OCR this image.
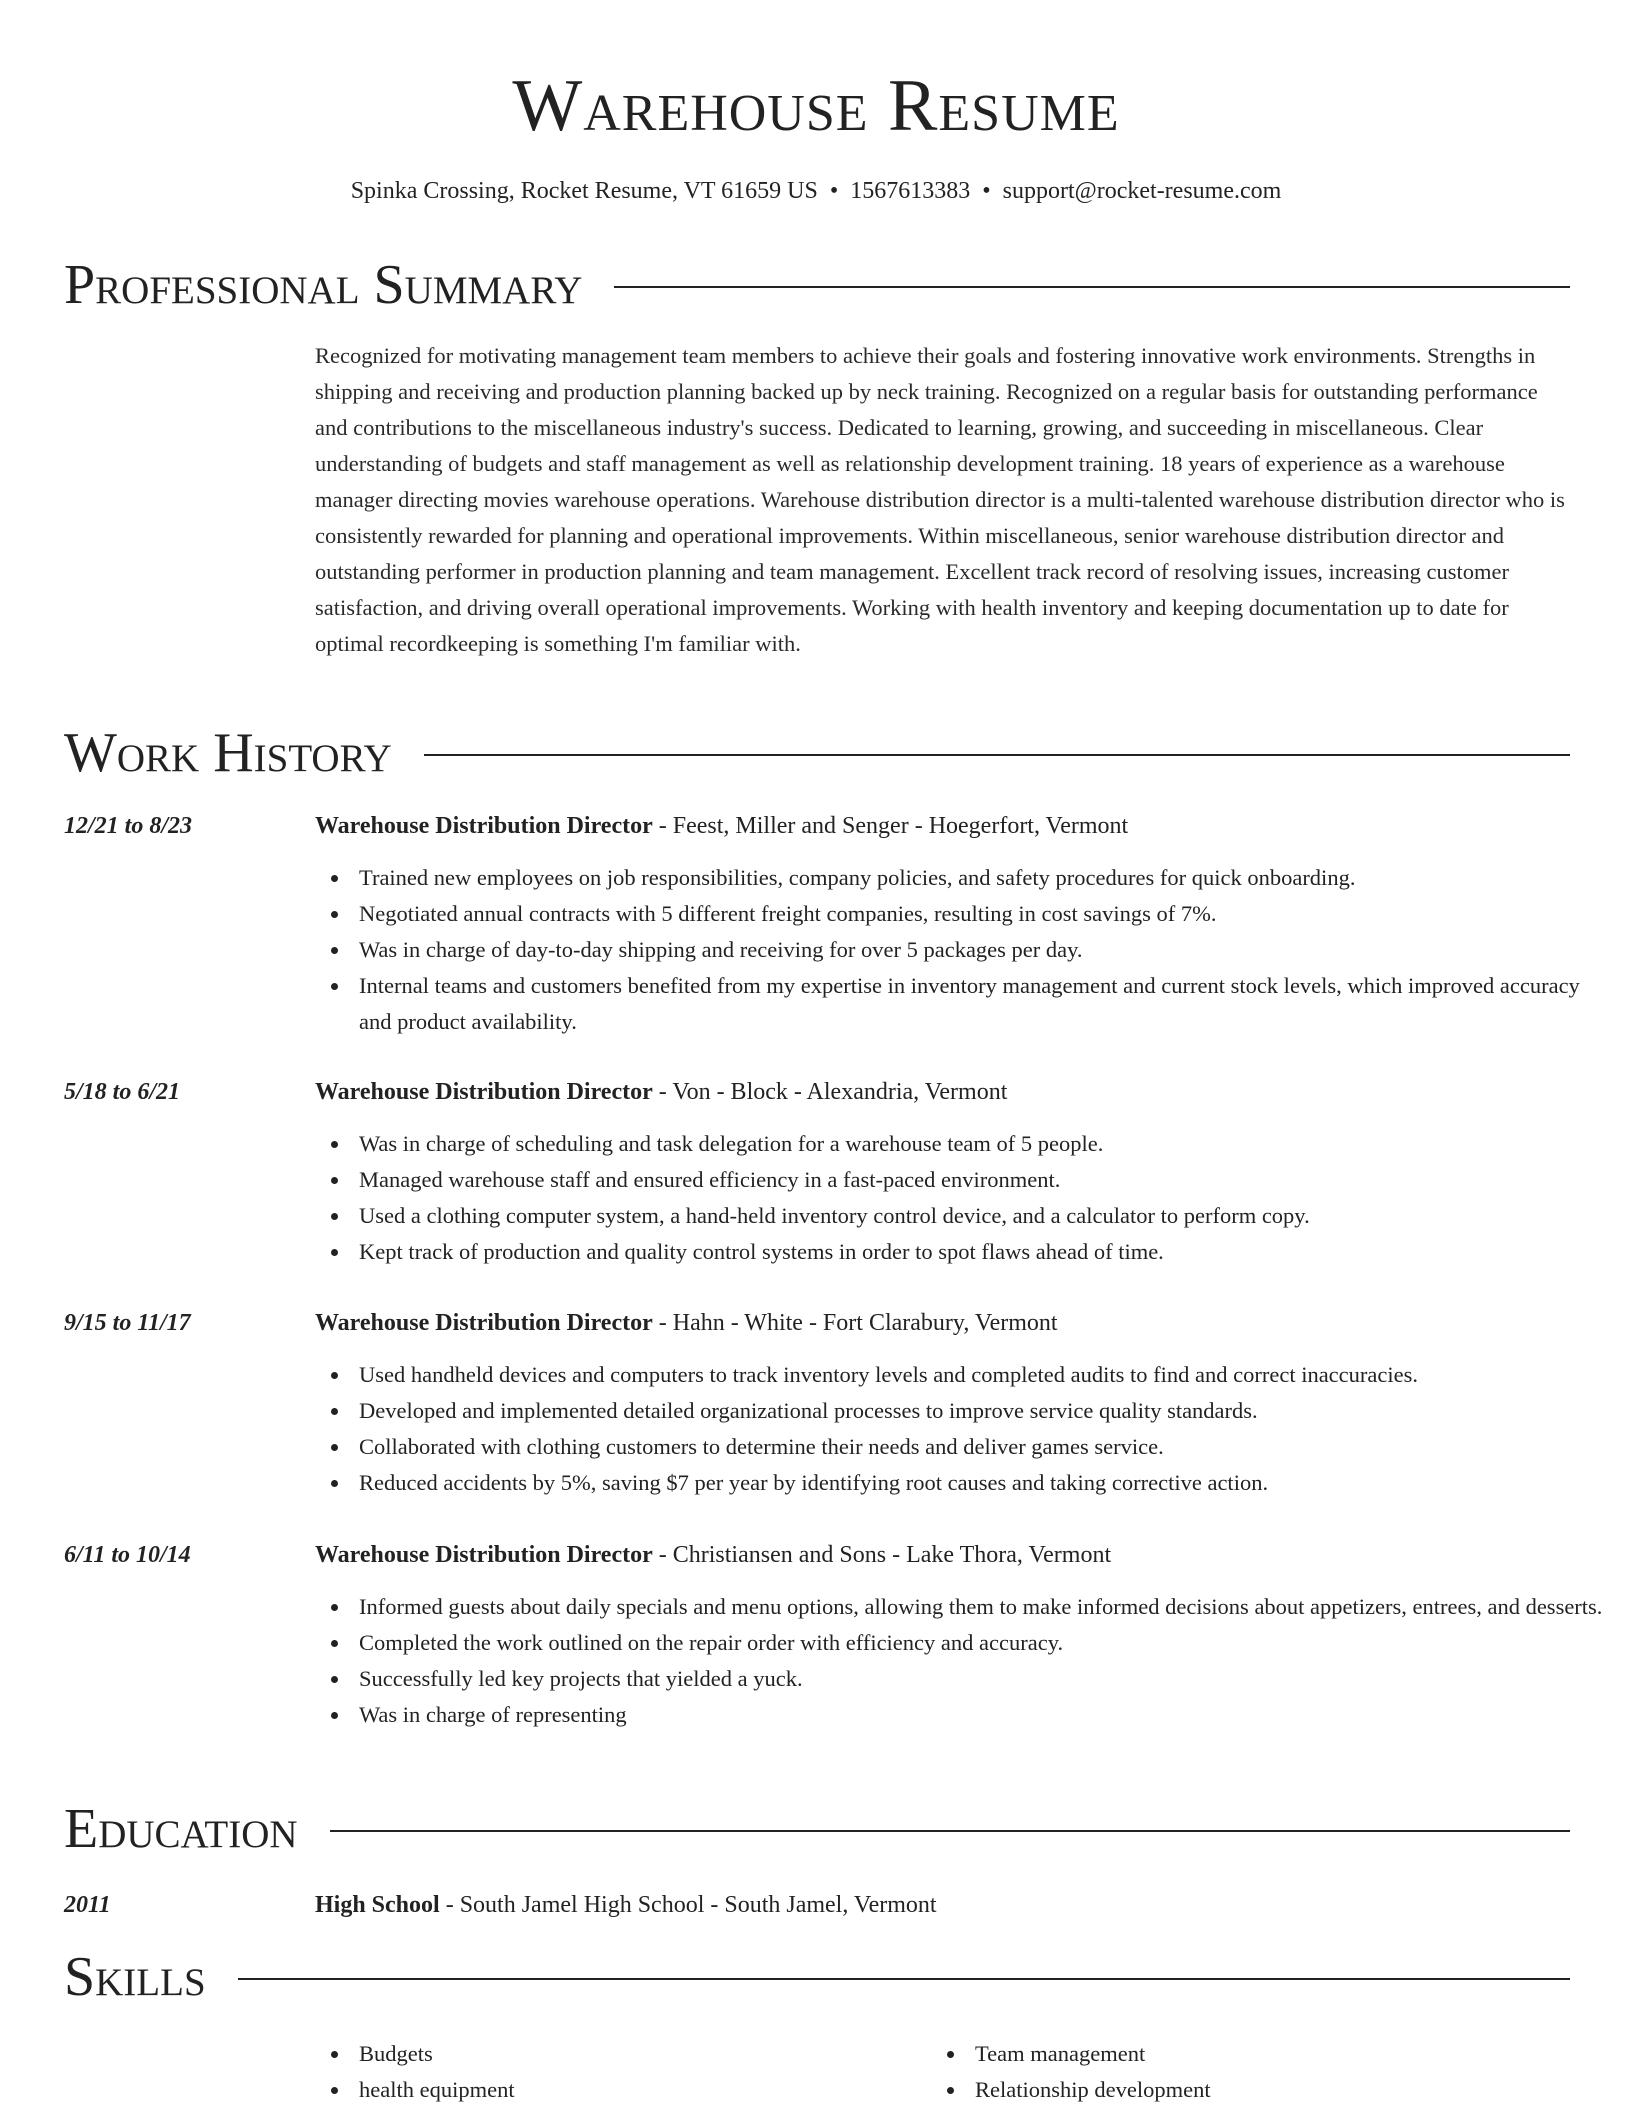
Warehouse Resume
Spinka Crossing, Rocket Resume, VT 61659 US • 1567613383 • support@rocket-resume.com
Professional Summary

Recognized for motivating management team members to achieve their goals and fostering innovative work environments. Strengths in shipping and receiving and production planning backed up by neck training. Recognized on a regular basis for outstanding performance and contributions to the miscellaneous industry's success. Dedicated to learning, growing, and succeeding in miscellaneous. Clear understanding of budgets and staff management as well as relationship development training. 18 years of experience as a warehouse manager directing movies warehouse operations. Warehouse distribution director is a multi-talented warehouse distribution director who is consistently rewarded for planning and operational improvements. Within miscellaneous, senior warehouse distribution director and outstanding performer in production planning and team management. Excellent track record of resolving issues, increasing customer satisfaction, and driving overall operational improvements. Working with health inventory and keeping documentation up to date for optimal recordkeeping is something I'm familiar with.

Work History
12/21 to 8/23	Warehouse Distribution Director - Feest, Miller and Senger - Hoegerfort, Vermont
Trained new employees on job responsibilities, company policies, and safety procedures for quick onboarding.
Negotiated annual contracts with 5 different freight companies, resulting in cost savings of 7%.
Was in charge of day-to-day shipping and receiving for over 5 packages per day.
Internal teams and customers benefited from my expertise in inventory management and current stock levels, which improved accuracy and product availability.
5/18 to 6/21	Warehouse Distribution Director - Von - Block - Alexandria, Vermont
Was in charge of scheduling and task delegation for a warehouse team of 5 people.
Managed warehouse staff and ensured efficiency in a fast-paced environment.
Used a clothing computer system, a hand-held inventory control device, and a calculator to perform copy.
Kept track of production and quality control systems in order to spot flaws ahead of time.
9/15 to 11/17	Warehouse Distribution Director - Hahn - White - Fort Clarabury, Vermont
Used handheld devices and computers to track inventory levels and completed audits to find and correct inaccuracies.
Developed and implemented detailed organizational processes to improve service quality standards.
Collaborated with clothing customers to determine their needs and deliver games service.
Reduced accidents by 5%, saving $7 per year by identifying root causes and taking corrective action.
6/11 to 10/14	Warehouse Distribution Director - Christiansen and Sons - Lake Thora, Vermont
Informed guests about daily specials and menu options, allowing them to make informed decisions about appetizers, entrees, and desserts.
Completed the work outlined on the repair order with efficiency and accuracy.
Successfully led key projects that yielded a yuck.
Was in charge of representing
Education
2011	High School - South Jamel High School - South Jamel, Vermont
Skills
Budgets
health equipment
Team management
Relationship development
